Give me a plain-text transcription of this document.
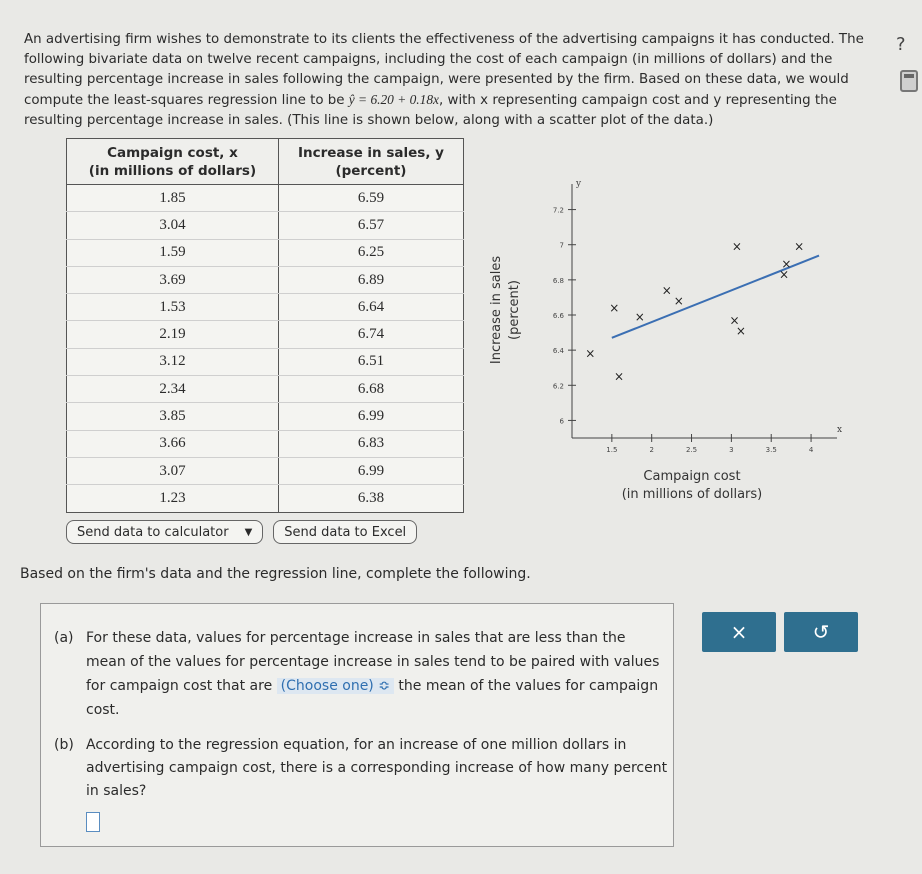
An advertising firm wishes to demonstrate to its clients the effectiveness of the advertising campaigns it has conducted. The
following bivariate data on twelve recent campaigns, including the cost of each campaign (in millions of dollars) and the
resulting percentage increase in sales following the campaign, were presented by the firm. Based on these data, we would
compute the least-squares regression line to be ŷ = 6.20 + 0.18x, with x representing campaign cost and y representing the
resulting percentage increase in sales. (This line is shown below, along with a scatter plot of the data.)
?
Campaign cost, x
(in millions of dollars)	Increase in sales, y
(percent)
1.85	6.59
3.04	6.57
1.59	6.25
3.69	6.89
1.53	6.64
2.19	6.74
3.12	6.51
2.34	6.68
3.85	6.99
3.66	6.83
3.07	6.99
1.23	6.38
Send data to calculator ▼ Send data to Excel
x
y
1.5	2	2.5	3	3.5	4
6
6.2
6.4
6.6
6.8
7
7.2
×	×
×
×
×
×
×
×
×
×
×
×
Increase in sales (percent)
Campaign cost
(in millions of dollars)
Based on the firm's data and the regression line, complete the following.
(a) For these data, values for percentage increase in sales that are less than the mean of the values for percentage increase in sales tend to be paired with values for campaign cost that are (Choose one) ≎ the mean of the values for campaign cost.
(b) According to the regression equation, for an increase of one million dollars in advertising campaign cost, there is a corresponding increase of how many percent in sales?
×	↺
